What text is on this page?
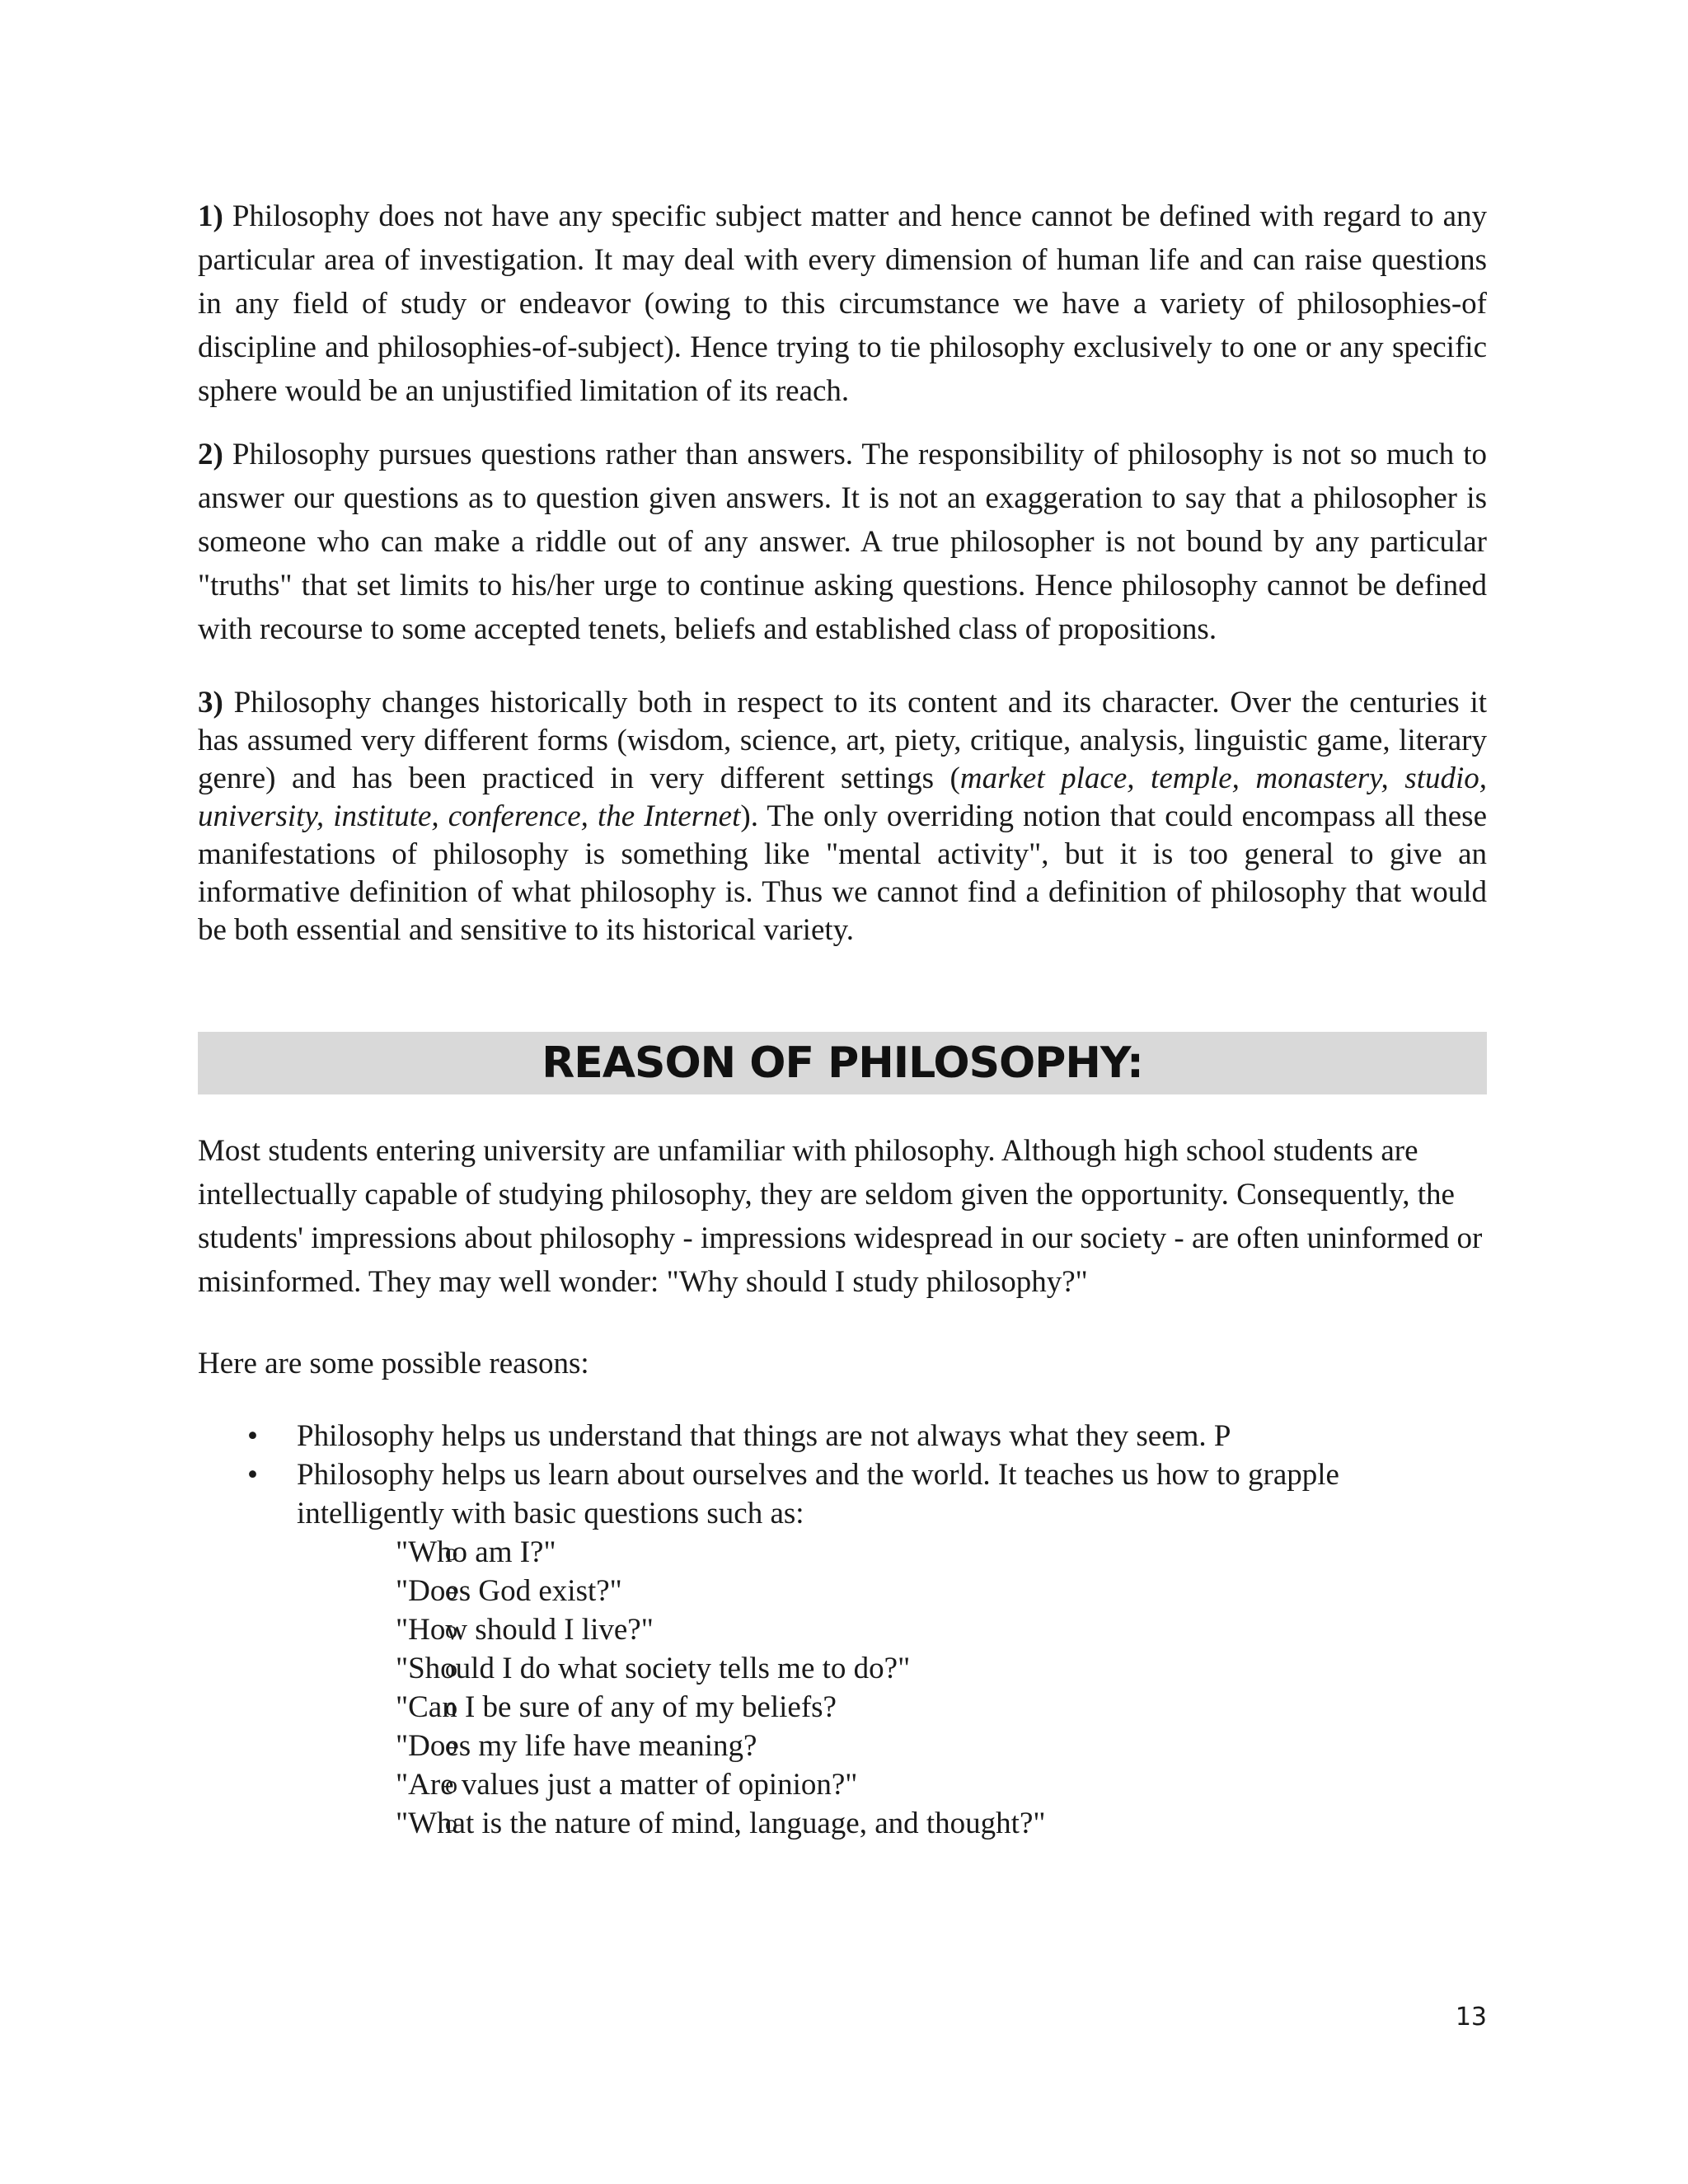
1) Philosophy does not have any specific subject matter and hence cannot be defined with regard to any particular area of investigation. It may deal with every dimension of human life and can raise questions in any field of study or endeavor (owing to this circumstance we have a variety of philosophies-of discipline and philosophies-of-subject). Hence trying to tie philosophy exclusively to one or any specific sphere would be an unjustified limitation of its reach.

2) Philosophy pursues questions rather than answers. The responsibility of philosophy is not so much to answer our questions as to question given answers. It is not an exaggeration to say that a philosopher is someone who can make a riddle out of any answer. A true philosopher is not bound by any particular "truths" that set limits to his/her urge to continue asking questions. Hence philosophy cannot be defined with recourse to some accepted tenets, beliefs and established class of propositions.

3) Philosophy changes historically both in respect to its content and its character. Over the centuries it has assumed very different forms (wisdom, science, art, piety, critique, analysis, linguistic game, literary genre) and has been practiced in very different settings (market place, temple, monastery, studio, university, institute, conference, the Internet). The only overriding notion that could encompass all these manifestations of philosophy is something like "mental activity", but it is too general to give an informative definition of what philosophy is. Thus we cannot find a definition of philosophy that would be both essential and sensitive to its historical variety.

REASON OF PHILOSOPHY:

Most students entering university are unfamiliar with philosophy. Although high school students are intellectually capable of studying philosophy, they are seldom given the opportunity. Consequently, the students' impressions about philosophy - impressions widespread in our society - are often uninformed or misinformed. They may well wonder: "Why should I study philosophy?"

Here are some possible reasons:

• Philosophy helps us understand that things are not always what they seem. P
• Philosophy helps us learn about ourselves and the world. It teaches us how to grapple intelligently with basic questions such as:
o "Who am I?"
o "Does God exist?"
o "How should I live?"
o "Should I do what society tells me to do?"
o "Can I be sure of any of my beliefs?
o "Does my life have meaning?
o "Are values just a matter of opinion?"
o "What is the nature of mind, language, and thought?"
13
